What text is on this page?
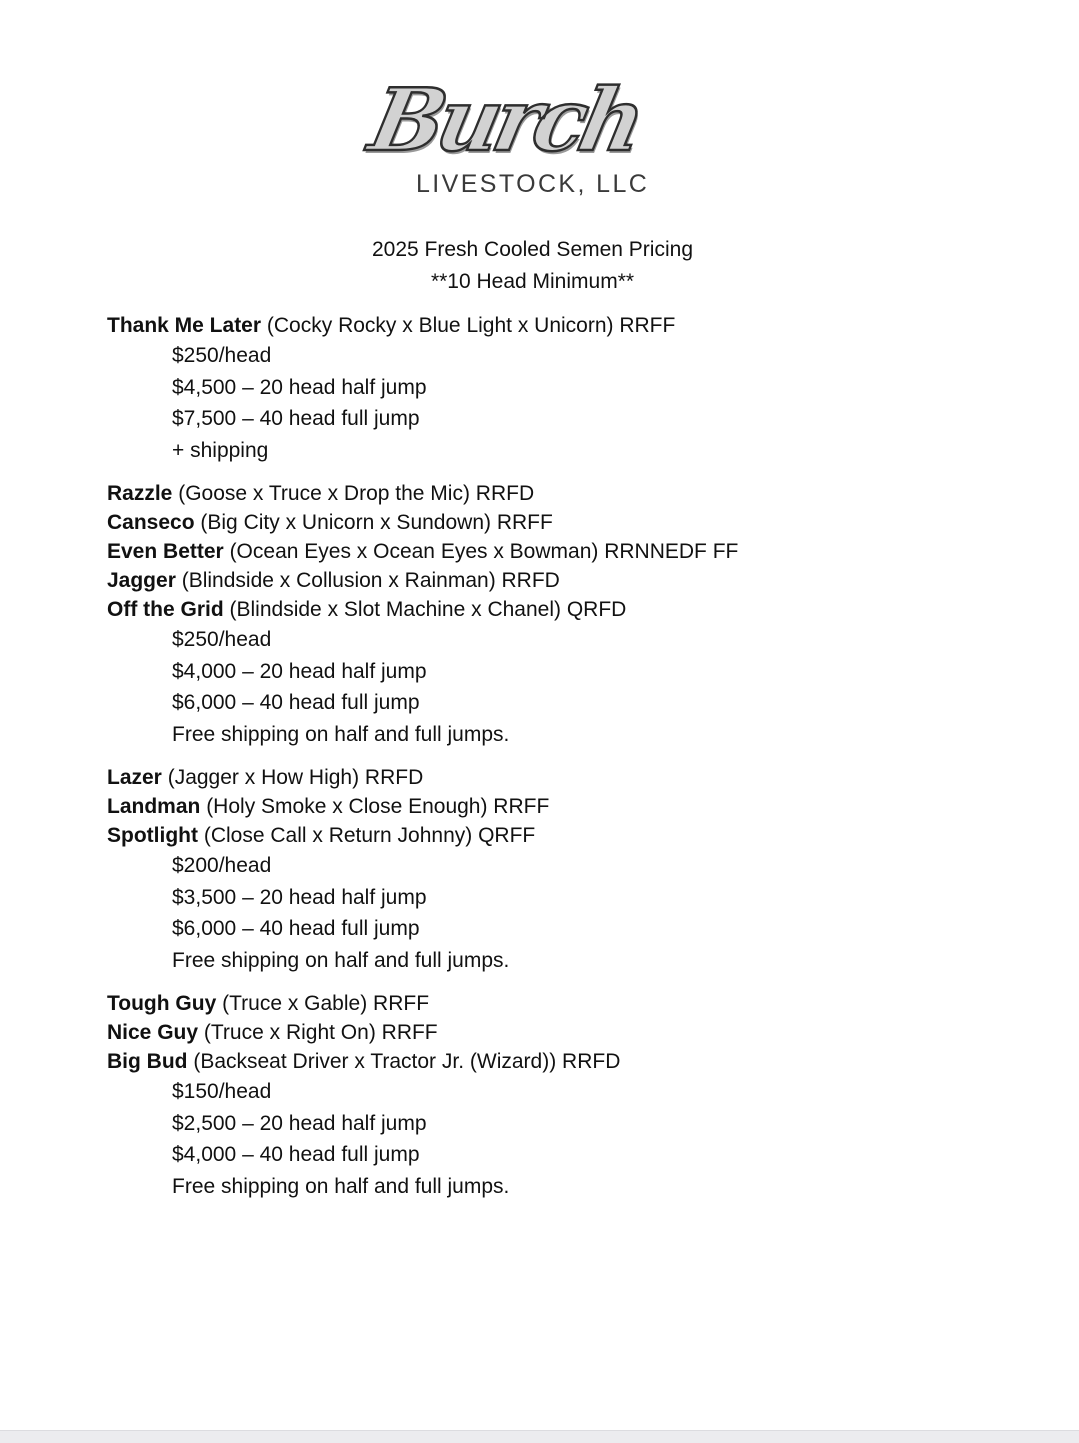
Burch
LIVESTOCK, LLC
2025 Fresh Cooled Semen Pricing
**10 Head Minimum**
Thank Me Later (Cocky Rocky x Blue Light x Unicorn) RRFF
$250/head
$4,500 – 20 head half jump
$7,500 – 40 head full jump
+ shipping
Razzle (Goose x Truce x Drop the Mic) RRFD
Canseco (Big City x Unicorn x Sundown) RRFF
Even Better (Ocean Eyes x Ocean Eyes x Bowman) RRNNEDF FF
Jagger (Blindside x Collusion x Rainman) RRFD
Off the Grid (Blindside x Slot Machine x Chanel) QRFD
$250/head
$4,000 – 20 head half jump
$6,000 – 40 head full jump
Free shipping on half and full jumps.
Lazer (Jagger x How High) RRFD
Landman (Holy Smoke x Close Enough) RRFF
Spotlight (Close Call x Return Johnny) QRFF
$200/head
$3,500 – 20 head half jump
$6,000 – 40 head full jump
Free shipping on half and full jumps.
Tough Guy (Truce x Gable) RRFF
Nice Guy (Truce x Right On) RRFF
Big Bud (Backseat Driver x Tractor Jr. (Wizard)) RRFD
$150/head
$2,500 – 20 head half jump
$4,000 – 40 head full jump
Free shipping on half and full jumps.
